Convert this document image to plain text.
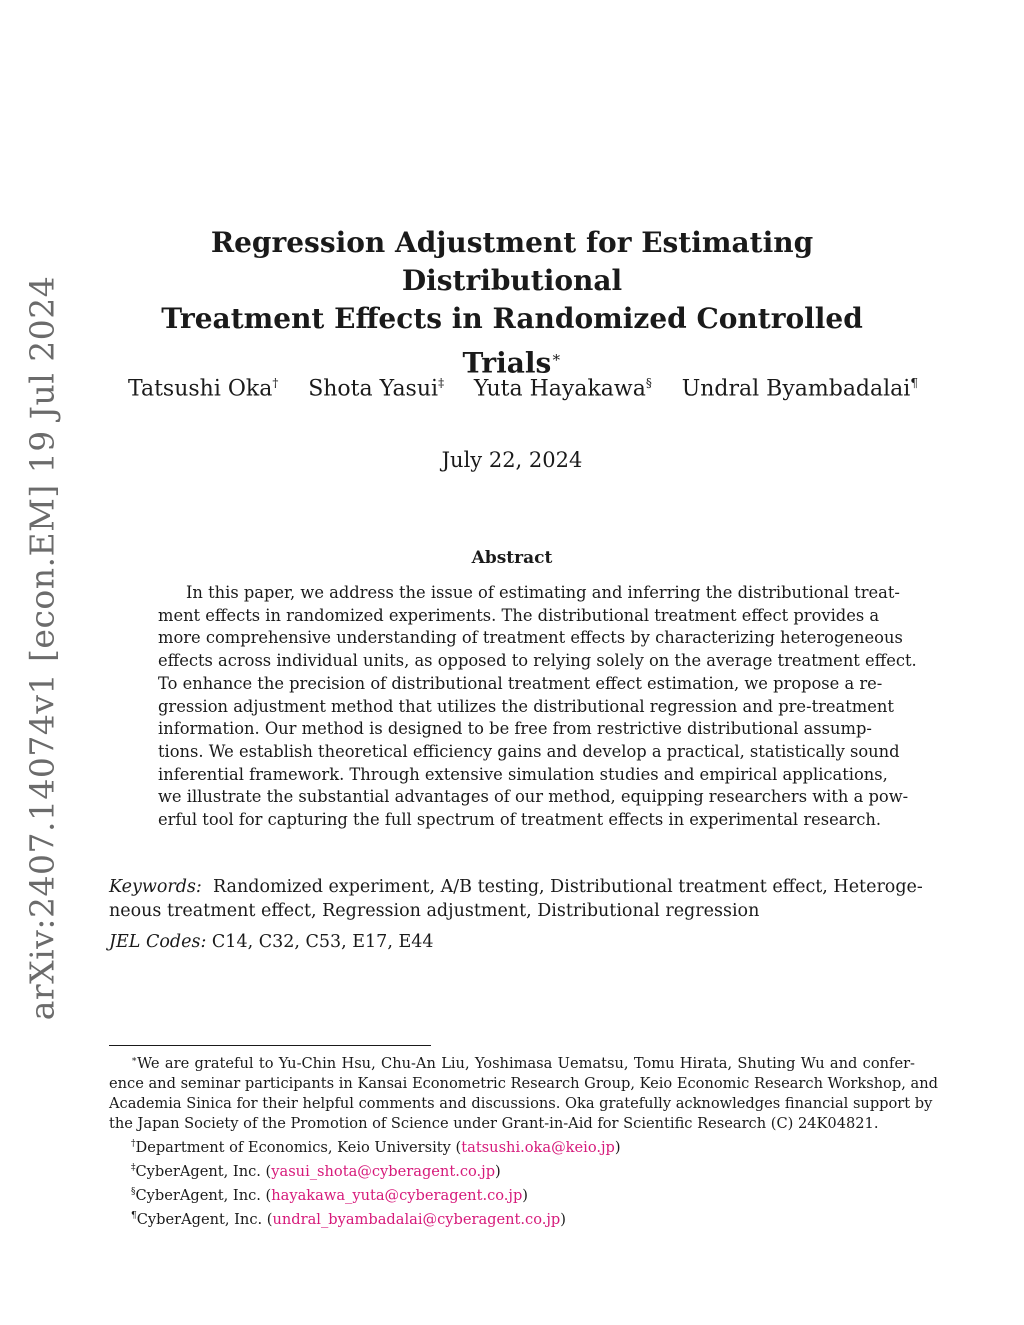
arXiv:2407.14074v1 [econ.EM] 19 Jul 2024
Regression Adjustment for Estimating Distributional
Treatment Effects in Randomized Controlled Trials∗
Tatsushi Oka† Shota Yasui‡ Yuta Hayakawa§ Undral Byambadalai¶
July 22, 2024
Abstract
In this paper, we address the issue of estimating and inferring the distributional treat-
ment effects in randomized experiments. The distributional treatment effect provides a
more comprehensive understanding of treatment effects by characterizing heterogeneous
effects across individual units, as opposed to relying solely on the average treatment effect.
To enhance the precision of distributional treatment effect estimation, we propose a re-
gression adjustment method that utilizes the distributional regression and pre-treatment
information. Our method is designed to be free from restrictive distributional assump-
tions. We establish theoretical efficiency gains and develop a practical, statistically sound
inferential framework. Through extensive simulation studies and empirical applications,
we illustrate the substantial advantages of our method, equipping researchers with a pow-
erful tool for capturing the full spectrum of treatment effects in experimental research.
Keywords: Randomized experiment, A/B testing, Distributional treatment effect, Heteroge-
neous treatment effect, Regression adjustment, Distributional regression
JEL Codes: C14, C32, C53, E17, E44
∗We are grateful to Yu-Chin Hsu, Chu-An Liu, Yoshimasa Uematsu, Tomu Hirata, Shuting Wu and confer-
ence and seminar participants in Kansai Econometric Research Group, Keio Economic Research Workshop, and
Academia Sinica for their helpful comments and discussions. Oka gratefully acknowledges financial support by
the Japan Society of the Promotion of Science under Grant-in-Aid for Scientific Research (C) 24K04821.
†Department of Economics, Keio University (tatsushi.oka@keio.jp)
‡CyberAgent, Inc. (yasui_shota@cyberagent.co.jp)
§CyberAgent, Inc. (hayakawa_yuta@cyberagent.co.jp)
¶CyberAgent, Inc. (undral_byambadalai@cyberagent.co.jp)
